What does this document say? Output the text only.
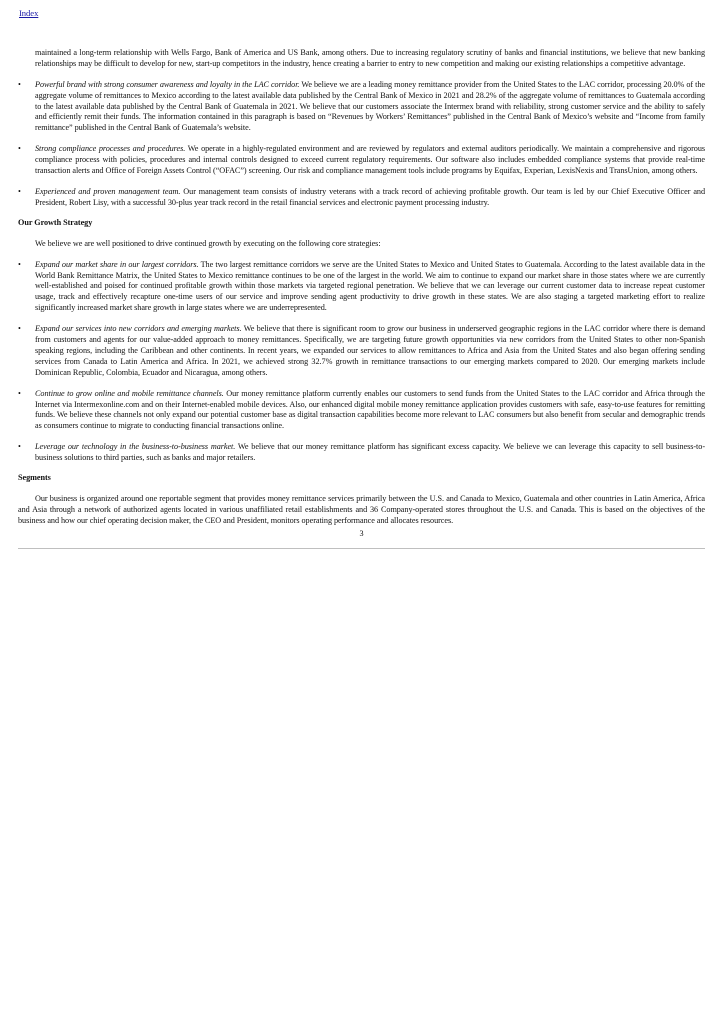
Index

maintained a long-term relationship with Wells Fargo, Bank of America and US Bank, among others. Due to increasing regulatory scrutiny of banks and financial institutions, we believe that new banking relationships may be difficult to develop for new, start-up competitors in the industry, hence creating a barrier to entry to new competition and making our existing relationships a competitive advantage.

• Powerful brand with strong consumer awareness and loyalty in the LAC corridor. We believe we are a leading money remittance provider from the United States to the LAC corridor, processing 20.0% of the aggregate volume of remittances to Mexico according to the latest available data published by the Central Bank of Mexico in 2021 and 28.2% of the aggregate volume of remittances to Guatemala according to the latest available data published by the Central Bank of Guatemala in 2021. We believe that our customers associate the Intermex brand with reliability, strong customer service and the ability to safely and efficiently remit their funds. The information contained in this paragraph is based on “Revenues by Workers’ Remittances” published in the Central Bank of Mexico’s website and “Income from family remittance” published in the Central Bank of Guatemala’s website.
• Strong compliance processes and procedures. We operate in a highly-regulated environment and are reviewed by regulators and external auditors periodically. We maintain a comprehensive and rigorous compliance process with policies, procedures and internal controls designed to exceed current regulatory requirements. Our software also includes embedded compliance systems that provide real-time transaction alerts and Office of Foreign Assets Control (“OFAC”) screening. Our risk and compliance management tools include programs by Equifax, Experian, LexisNexis and TransUnion, among others.
• Experienced and proven management team. Our management team consists of industry veterans with a track record of achieving profitable growth. Our team is led by our Chief Executive Officer and President, Robert Lisy, with a successful 30-plus year track record in the retail financial services and electronic payment processing industry.
Our Growth Strategy

We believe we are well positioned to drive continued growth by executing on the following core strategies:

• Expand our market share in our largest corridors. The two largest remittance corridors we serve are the United States to Mexico and United States to Guatemala. According to the latest available data in the World Bank Remittance Matrix, the United States to Mexico remittance continues to be one of the largest in the world. We aim to continue to expand our market share in those states where we are currently well-established and poised for continued profitable growth within those markets via targeted regional penetration. We believe that we can leverage our current customer data to increase repeat customer usage, track and effectively recapture one-time users of our service and improve sending agent productivity to drive growth in these states. We are also staging a targeted marketing effort to realize significantly increased market share growth in large states where we are underrepresented.
• Expand our services into new corridors and emerging markets. We believe that there is significant room to grow our business in underserved geographic regions in the LAC corridor where there is demand from customers and agents for our value-added approach to money remittances. Specifically, we are targeting future growth opportunities via new corridors from the United States to other non-Spanish speaking regions, including the Caribbean and other continents. In recent years, we expanded our services to allow remittances to Africa and Asia from the United States and also began offering sending services from Canada to Latin America and Africa. In 2021, we achieved strong 32.7% growth in remittance transactions to our emerging markets compared to 2020. Our emerging markets include Dominican Republic, Colombia, Ecuador and Nicaragua, among others.
• Continue to grow online and mobile remittance channels. Our money remittance platform currently enables our customers to send funds from the United States to the LAC corridor and Africa through the Internet via Intermexonline.com and on their Internet-enabled mobile devices. Also, our enhanced digital mobile money remittance application provides customers with safe, easy-to-use features for remitting funds. We believe these channels not only expand our potential customer base as digital transaction capabilities become more relevant to LAC consumers but also benefit from secular and demographic trends as consumers continue to migrate to conducting financial transactions online.
• Leverage our technology in the business-to-business market. We believe that our money remittance platform has significant excess capacity. We believe we can leverage this capacity to sell business-to-business solutions to third parties, such as banks and major retailers.
Segments

Our business is organized around one reportable segment that provides money remittance services primarily between the U.S. and Canada to Mexico, Guatemala and other countries in Latin America, Africa and Asia through a network of authorized agents located in various unaffiliated retail establishments and 36 Company-operated stores throughout the U.S. and Canada. This is based on the objectives of the business and how our chief operating decision maker, the CEO and President, monitors operating performance and allocates resources.

3
